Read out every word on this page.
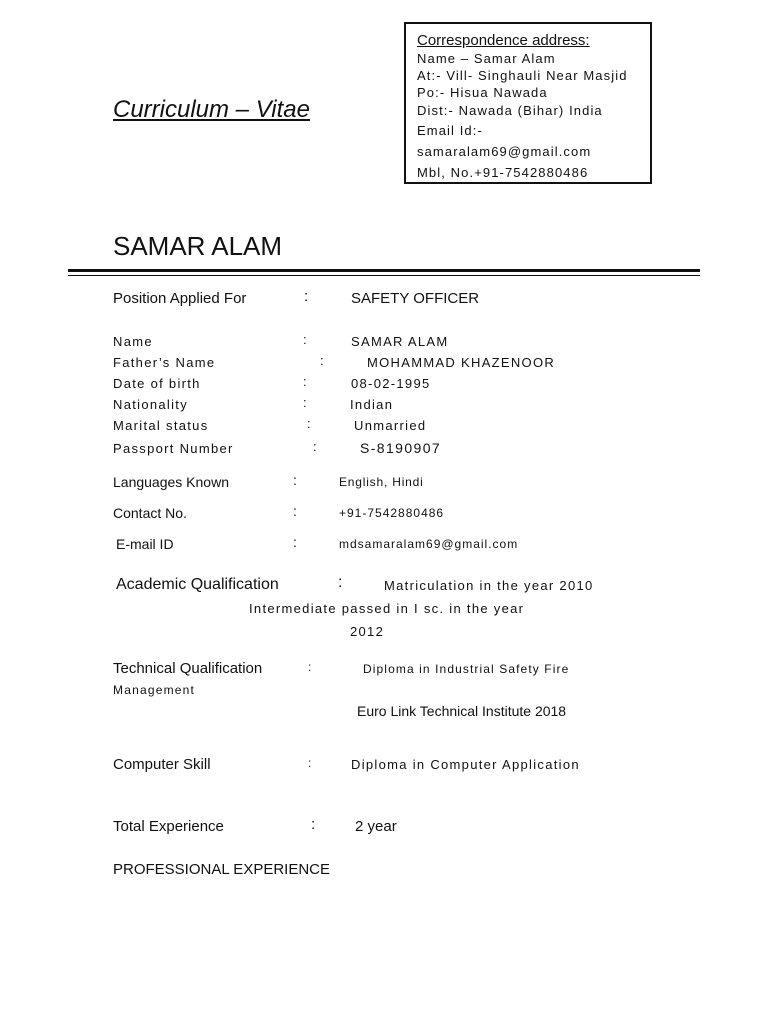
Correspondence address:
Name – Samar Alam
At:- Vill- Singhauli Near Masjid
Po:- Hisua Nawada
Dist:- Nawada (Bihar) India
Email Id:-
samaralam69@gmail.com
Mbl, No.+91-7542880486
Curriculum – Vitae
SAMAR ALAM
Position Applied For	:	SAFETY OFFICER
Name	:	SAMAR ALAM
Father’s Name	:	MOHAMMAD KHAZENOOR
Date of birth	:	08-02-1995
Nationality	:	Indian
Marital status	:	Unmarried
Passport Number	:	S-8190907
Languages Known	:	English, Hindi
Contact No.	:	+91-7542880486
E-mail ID	:	mdsamaralam69@gmail.com
Academic Qualification	:	Matriculation in the year 2010
Intermediate passed in I sc. in the year
2012
Technical Qualification	:	Diploma in Industrial Safety Fire
Management
Euro Link Technical Institute 2018
Computer Skill	:	Diploma in Computer Application
Total Experience	:	2 year
PROFESSIONAL EXPERIENCE
